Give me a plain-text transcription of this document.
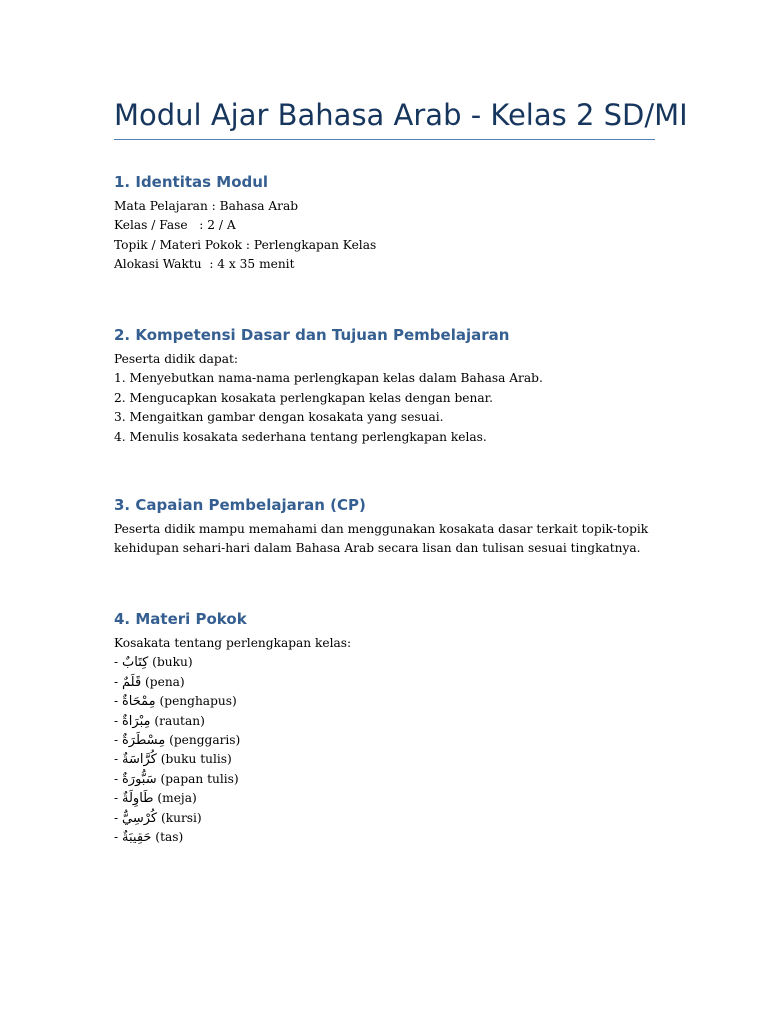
Modul Ajar Bahasa Arab - Kelas 2 SD/MI
1. Identitas Modul
Mata Pelajaran : Bahasa Arab
Kelas / Fase   : 2 / A
Topik / Materi Pokok : Perlengkapan Kelas
Alokasi Waktu  : 4 x 35 menit
2. Kompetensi Dasar dan Tujuan Pembelajaran
Peserta didik dapat:
1. Menyebutkan nama-nama perlengkapan kelas dalam Bahasa Arab.
2. Mengucapkan kosakata perlengkapan kelas dengan benar.
3. Mengaitkan gambar dengan kosakata yang sesuai.
4. Menulis kosakata sederhana tentang perlengkapan kelas.
3. Capaian Pembelajaran (CP)
Peserta didik mampu memahami dan menggunakan kosakata dasar terkait topik-topik kehidupan sehari-hari dalam Bahasa Arab secara lisan dan tulisan sesuai tingkatnya.
4. Materi Pokok
Kosakata tentang perlengkapan kelas:
- كِتَابٌ (buku)
- قَلَمٌ (pena)
- مِمْحَاةٌ (penghapus)
- مِبْرَاةٌ (rautan)
- مِسْطَرَةٌ (penggaris)
- كُرَّاسَةٌ (buku tulis)
- سَبُّورَةٌ (papan tulis)
- طَاوِلَةٌ (meja)
- كُرْسِيٌّ (kursi)
- حَقِيبَةٌ (tas)
